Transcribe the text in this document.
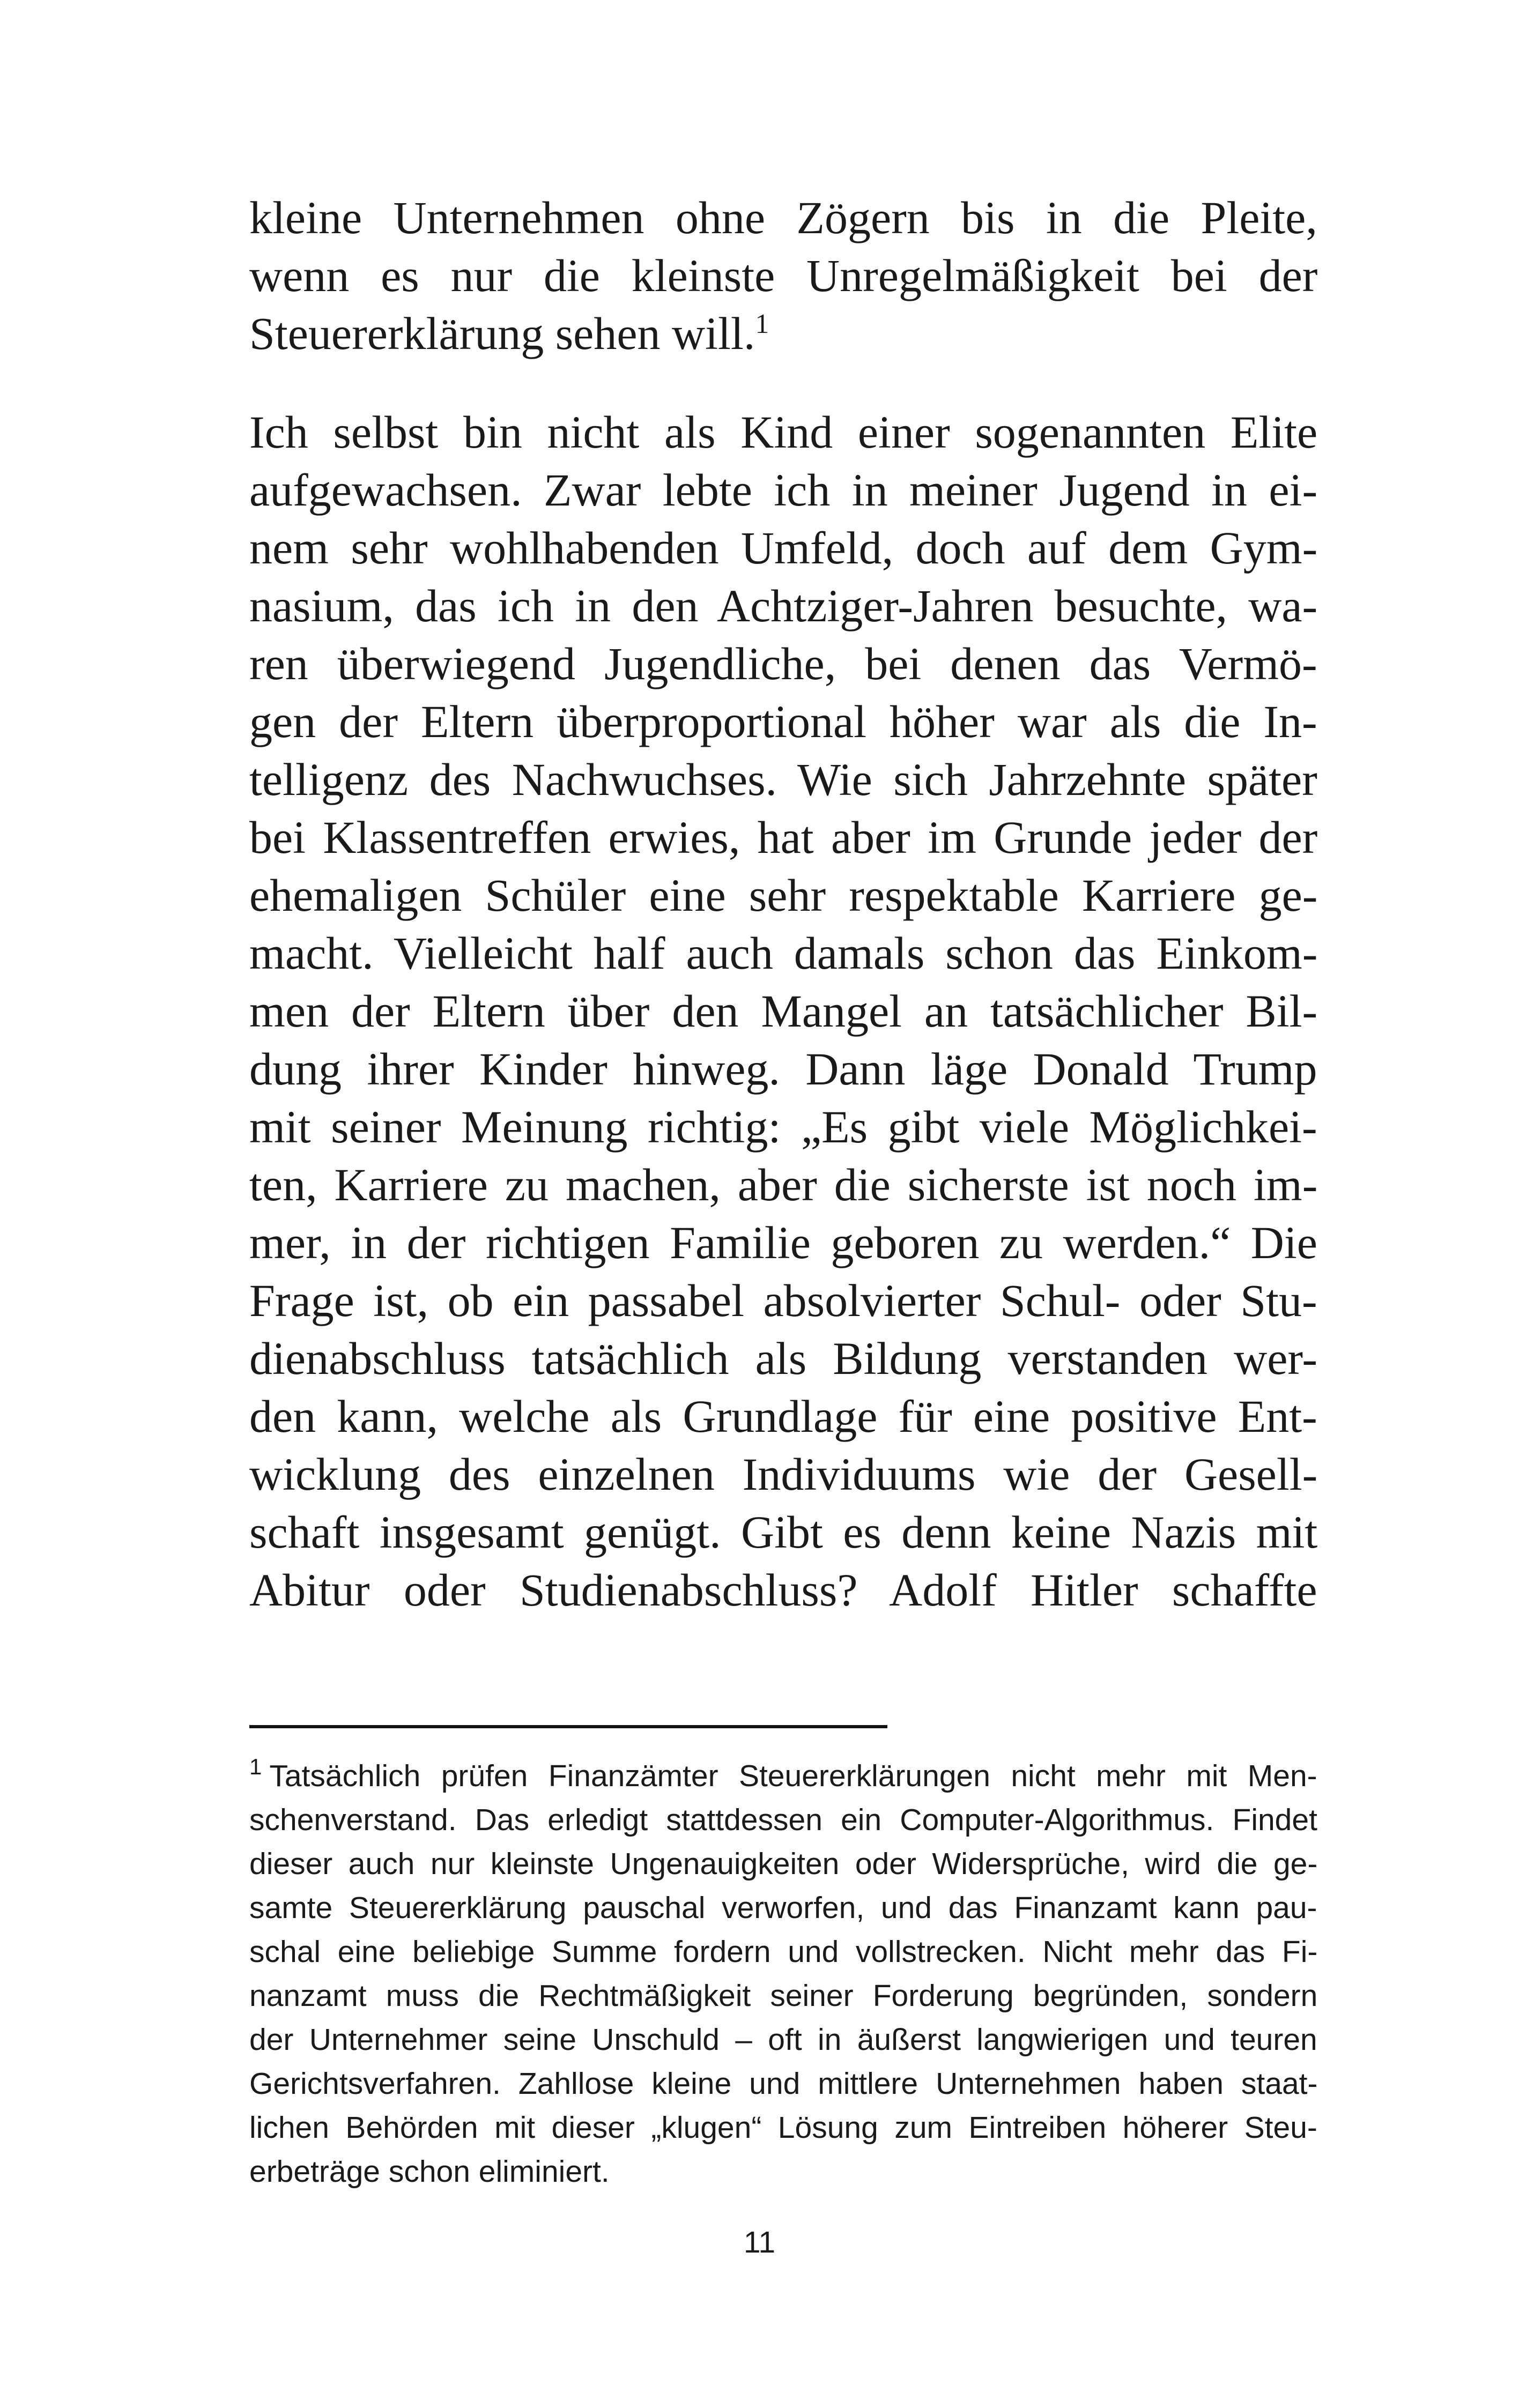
kleine Unternehmen ohne Zögern bis in die Pleite,
wenn es nur die kleinste Unregelmäßigkeit bei der
Steuererklärung sehen will.$^1$
Ich selbst bin nicht als Kind einer sogenannten Elite
aufgewachsen. Zwar lebte ich in meiner Jugend in ei-
nem sehr wohlhabenden Umfeld, doch auf dem Gym-
nasium, das ich in den Achtziger-Jahren besuchte, wa-
ren überwiegend Jugendliche, bei denen das Vermö-
gen der Eltern überproportional höher war als die In-
telligenz des Nachwuchses. Wie sich Jahrzehnte später
bei Klassentreffen erwies, hat aber im Grunde jeder der
ehemaligen Schüler eine sehr respektable Karriere ge-
macht. Vielleicht half auch damals schon das Einkom-
men der Eltern über den Mangel an tatsächlicher Bil-
dung ihrer Kinder hinweg. Dann läge Donald Trump
mit seiner Meinung richtig: „Es gibt viele Möglichkei-
ten, Karriere zu machen, aber die sicherste ist noch im-
mer, in der richtigen Familie geboren zu werden.“ Die
Frage ist, ob ein passabel absolvierter Schul- oder Stu-
dienabschluss tatsächlich als Bildung verstanden wer-
den kann, welche als Grundlage für eine positive Ent-
wicklung des einzelnen Individuums wie der Gesell-
schaft insgesamt genügt. Gibt es denn keine Nazis mit
Abitur oder Studienabschluss? Adolf Hitler schaffte
$^1$ Tatsächlich prüfen Finanzämter Steuererklärungen nicht mehr mit Men-
schenverstand. Das erledigt stattdessen ein Computer-Algorithmus. Findet
dieser auch nur kleinste Ungenauigkeiten oder Widersprüche, wird die ge-
samte Steuererklärung pauschal verworfen, und das Finanzamt kann pau-
schal eine beliebige Summe fordern und vollstrecken. Nicht mehr das Fi-
nanzamt muss die Rechtmäßigkeit seiner Forderung begründen, sondern
der Unternehmer seine Unschuld – oft in äußerst langwierigen und teuren
Gerichtsverfahren. Zahllose kleine und mittlere Unternehmen haben staat-
lichen Behörden mit dieser „klugen“ Lösung zum Eintreiben höherer Steu-
erbeträge schon eliminiert.
11
